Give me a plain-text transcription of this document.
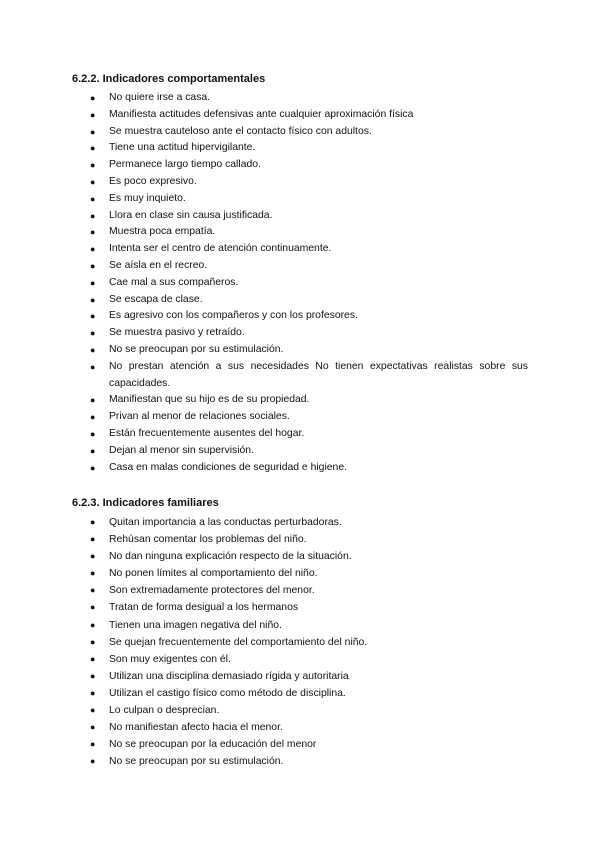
6.2.2. Indicadores comportamentales
● No quiere irse a casa.
● Manifiesta actitudes defensivas ante cualquier aproximación física
● Se muestra cauteloso ante el contacto físico con adultos.
● Tiene una actitud hipervigilante.
● Permanece largo tiempo callado.
● Es poco expresivo.
● Es muy inquieto.
● Llora en clase sin causa justificada.
● Muestra poca empatía.
● Intenta ser el centro de atención continuamente.
● Se aísla en el recreo.
● Cae mal a sus compañeros.
● Se escapa de clase.
● Es agresivo con los compañeros y con los profesores.
● Se muestra pasivo y retraído.
● No se preocupan por su estimulación.
● No prestan atención a sus necesidades No tienen expectativas realistas sobre sus capacidades.
● Manifiestan que su hijo es de su propiedad.
● Privan al menor de relaciones sociales.
● Están frecuentemente ausentes del hogar.
● Dejan al menor sin supervisión.
● Casa en malas condiciones de seguridad e higiene.
6.2.3. Indicadores familiares
● Quitan importancia a las conductas perturbadoras.
● Rehúsan comentar los problemas del niño.
● No dan ninguna explicación respecto de la situación.
● No ponen límites al comportamiento del niño.
● Son extremadamente protectores del menor.
● Tratan de forma desigual a los hermanos
● Tienen una imagen negativa del niño.
● Se quejan frecuentemente del comportamiento del niño.
● Son muy exigentes con él.
● Utilizan una disciplina demasiado rígida y autoritaria
● Utilizan el castigo físico como método de disciplina.
● Lo culpan o desprecian.
● No manifiestan afecto hacia el menor.
● No se preocupan por la educación del menor
● No se preocupan por su estimulación.
